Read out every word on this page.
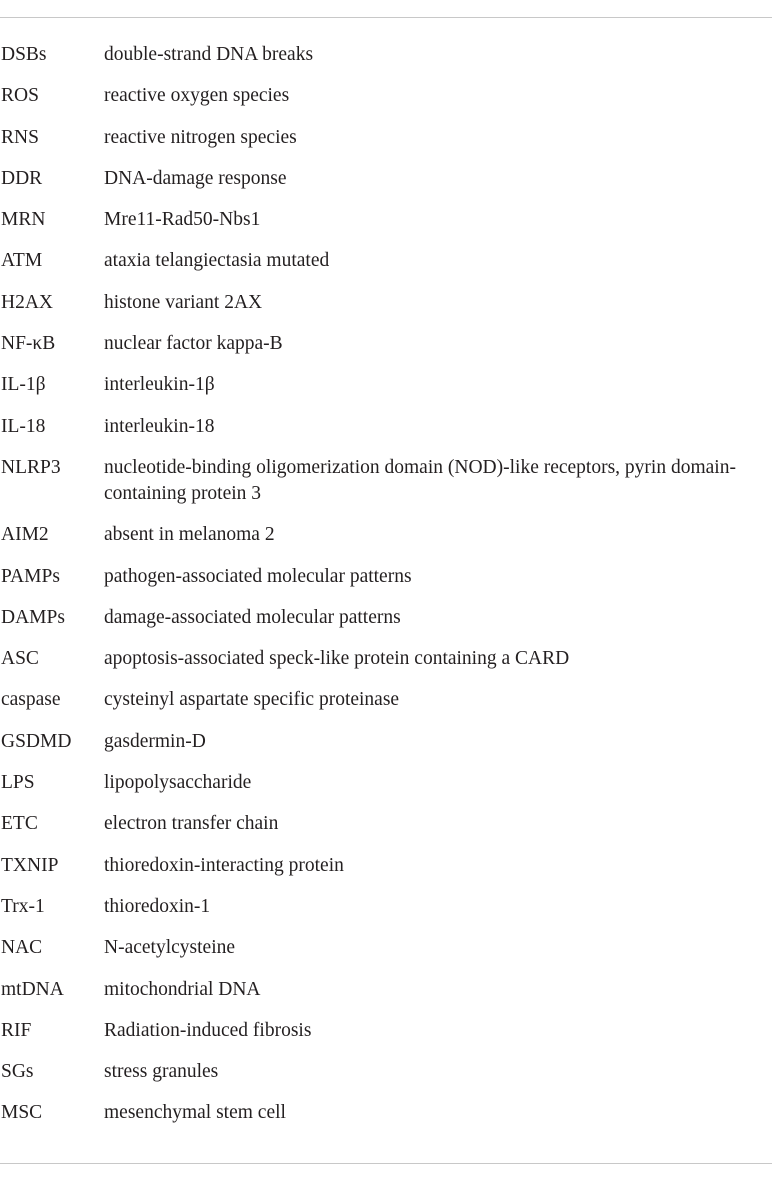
DSBs	double-strand DNA breaks
ROS	reactive oxygen species
RNS	reactive nitrogen species
DDR	DNA-damage response
MRN	Mre11-Rad50-Nbs1
ATM	ataxia telangiectasia mutated
H2AX	histone variant 2AX
NF-κB	nuclear factor kappa-B
IL-1β	interleukin-1β
IL-18	interleukin-18
NLRP3	nucleotide-binding oligomerization domain (NOD)-like receptors, pyrin domain-containing protein 3
AIM2	absent in melanoma 2
PAMPs	pathogen-associated molecular patterns
DAMPs	damage-associated molecular patterns
ASC	apoptosis-associated speck-like protein containing a CARD
caspase	cysteinyl aspartate specific proteinase
GSDMD	gasdermin-D
LPS	lipopolysaccharide
ETC	electron transfer chain
TXNIP	thioredoxin-interacting protein
Trx-1	thioredoxin-1
NAC	N-acetylcysteine
mtDNA	mitochondrial DNA
RIF	Radiation-induced fibrosis
SGs	stress granules
MSC	mesenchymal stem cell
